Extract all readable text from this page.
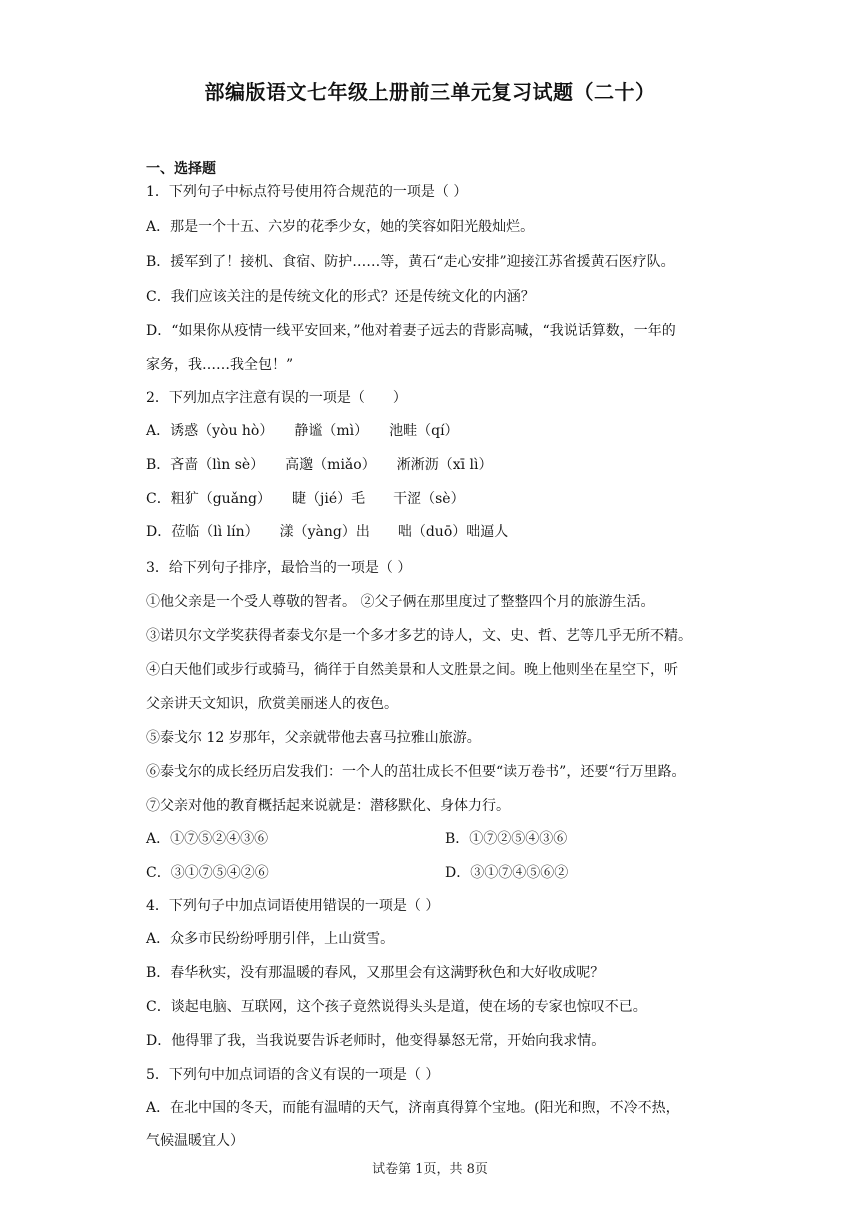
部编版语文七年级上册前三单元复习试题（二十）
一、选择题
1．下列句子中标点符号使用符合规范的一项是（ ）
A．那是一个十五、六岁的花季少女，她的笑容如阳光般灿烂。
B．援军到了！接机、食宿、防护……等，黄石“走心安排”迎接江苏省援黄石医疗队。
C．我们应该关注的是传统文化的形式？还是传统文化的内涵？
D．“如果你从疫情一线平安回来，”他对着妻子远去的背影高喊，“我说话算数，一年的
家务，我……我全包！”
2．下列加点字注意有误的一项是（　　）
A．诱惑（yòu hò）　　静谧（mì）　　池畦（qí）
B．吝啬（lìn sè）　　高邈（miǎo）　　淅淅沥（xī lì）
C．粗犷（guǎng）　　睫（jié）毛　　干涩（sè）
D．莅临（lì lín）　　漾（yàng）出　　咄（duō）咄逼人
3．给下列句子排序，最恰当的一项是（ ）
①他父亲是一个受人尊敬的智者。 ②父子俩在那里度过了整整四个月的旅游生活。
③诺贝尔文学奖获得者泰戈尔是一个多才多艺的诗人，文、史、哲、艺等几乎无所不精。
④白天他们或步行或骑马，徜徉于自然美景和人文胜景之间。晚上他则坐在星空下，听
父亲讲天文知识，欣赏美丽迷人的夜色。
⑤泰戈尔 12 岁那年，父亲就带他去喜马拉雅山旅游。
⑥泰戈尔的成长经历启发我们：一个人的茁壮成长不但要“读万卷书”，还要“行万里路。
⑦父亲对他的教育概括起来说就是：潜移默化、身体力行。
A．①⑦⑤②④③⑥	B．①⑦②⑤④③⑥
C．③①⑦⑤④②⑥	D．③①⑦④⑤⑥②
4．下列句子中加点词语使用错误的一项是（ ）
A．众多市民纷纷呼朋引伴，上山赏雪。
B．春华秋实，没有那温暖的春风，又那里会有这满野秋色和大好收成呢？
C．谈起电脑、互联网，这个孩子竟然说得头头是道，使在场的专家也惊叹不已。
D．他得罪了我，当我说要告诉老师时，他变得暴怒无常，开始向我求情。
5．下列句中加点词语的含义有误的一项是（ ）
A．在北中国的冬天，而能有温晴的天气，济南真得算个宝地。(阳光和煦，不冷不热，
气候温暖宜人）
试卷第 1页，共 8页
